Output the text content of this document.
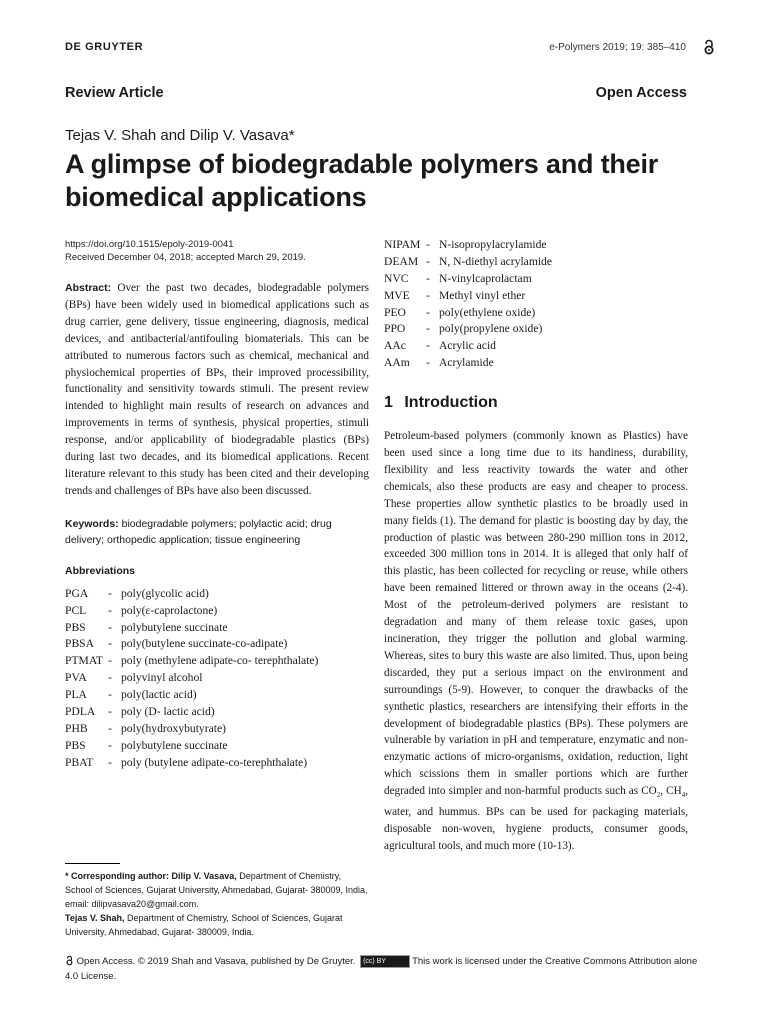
DE GRUYTER	e-Polymers 2019; 19: 385–410
Review Article	Open Access
Tejas V. Shah and Dilip V. Vasava*
A glimpse of biodegradable polymers and their biomedical applications
https://doi.org/10.1515/epoly-2019-0041
Received December 04, 2018; accepted March 29, 2019.
Abstract: Over the past two decades, biodegradable polymers (BPs) have been widely used in biomedical applications such as drug carrier, gene delivery, tissue engineering, diagnosis, medical devices, and antibacterial/antifouling biomaterials. This can be attributed to numerous factors such as chemical, mechanical and physiochemical properties of BPs, their improved processibility, functionality and sensitivity towards stimuli. The present review intended to highlight main results of research on advances and improvements in terms of synthesis, physical properties, stimuli response, and/or applicability of biodegradable plastics (BPs) during last two decades, and its biomedical applications. Recent literature relevant to this study has been cited and their developing trends and challenges of BPs have also been discussed.
Keywords: biodegradable polymers; polylactic acid; drug delivery; orthopedic application; tissue engineering
Abbreviations
PGA	- poly(glycolic acid)
PCL	- poly(ε-caprolactone)
PBS	- polybutylene succinate
PBSA	- poly(butylene succinate-co-adipate)
PTMAT - poly (methylene adipate-co- terephthalate)
PVA	- polyvinyl alcohol
PLA	- poly(lactic acid)
PDLA	- poly (D- lactic acid)
PHB	- poly(hydroxybutyrate)
PBS	- polybutylene succinate
PBAT	- poly (butylene adipate-co-terephthalate)
NIPAM - N-isopropylacrylamide
DEAM - N, N-diethyl acrylamide
NVC	- N-vinylcaprolactam
MVE	- Methyl vinyl ether
PEO	- poly(ethylene oxide)
PPO	- poly(propylene oxide)
AAc	- Acrylic acid
AAm	- Acrylamide
1 Introduction
Petroleum-based polymers (commonly known as Plastics) have been used since a long time due to its handiness, durability, flexibility and less reactivity towards the water and other chemicals, also these products are easy and cheaper to process. These properties allow synthetic plastics to be broadly used in many fields (1). The demand for plastic is boosting day by day, the production of plastic was between 280-290 million tons in 2012, exceeded 300 million tons in 2014. It is alleged that only half of this plastic, has been collected for recycling or reuse, while others have been remained littered or thrown away in the oceans (2-4). Most of the petroleum-derived polymers are resistant to degradation and many of them release toxic gases, upon incineration, they trigger the pollution and global warming. Whereas, sites to bury this waste are also limited. Thus, upon being discarded, they put a serious impact on the environment and surroundings (5-9). However, to conquer the drawbacks of the synthetic plastics, researchers are intensifying their efforts in the development of biodegradable plastics (BPs). These polymers are vulnerable by variation in pH and temperature, enzymatic and non-enzymatic actions of micro-organisms, oxidation, reduction, light which scissions them in smaller portions which are further degraded into simpler and non-harmful products such as $CO_2$, $CH_4$, water, and hummus. BPs can be used for packaging materials, disposable non-woven, hygiene products, consumer goods, agricultural tools, and much more (10-13).
* Corresponding author: Dilip V. Vasava, Department of Chemistry, School of Sciences, Gujarat University, Ahmedabad, Gujarat- 380009, India, email: dilipvasava20@gmail.com.
Tejas V. Shah, Department of Chemistry, School of Sciences, Gujarat University, Ahmedabad, Gujarat- 380009, India.
Open Access. © 2019 Shah and Vasava, published by De Gruyter. (cc) BY	This work is licensed under the Creative Commons Attribution alone 4.0 License.
